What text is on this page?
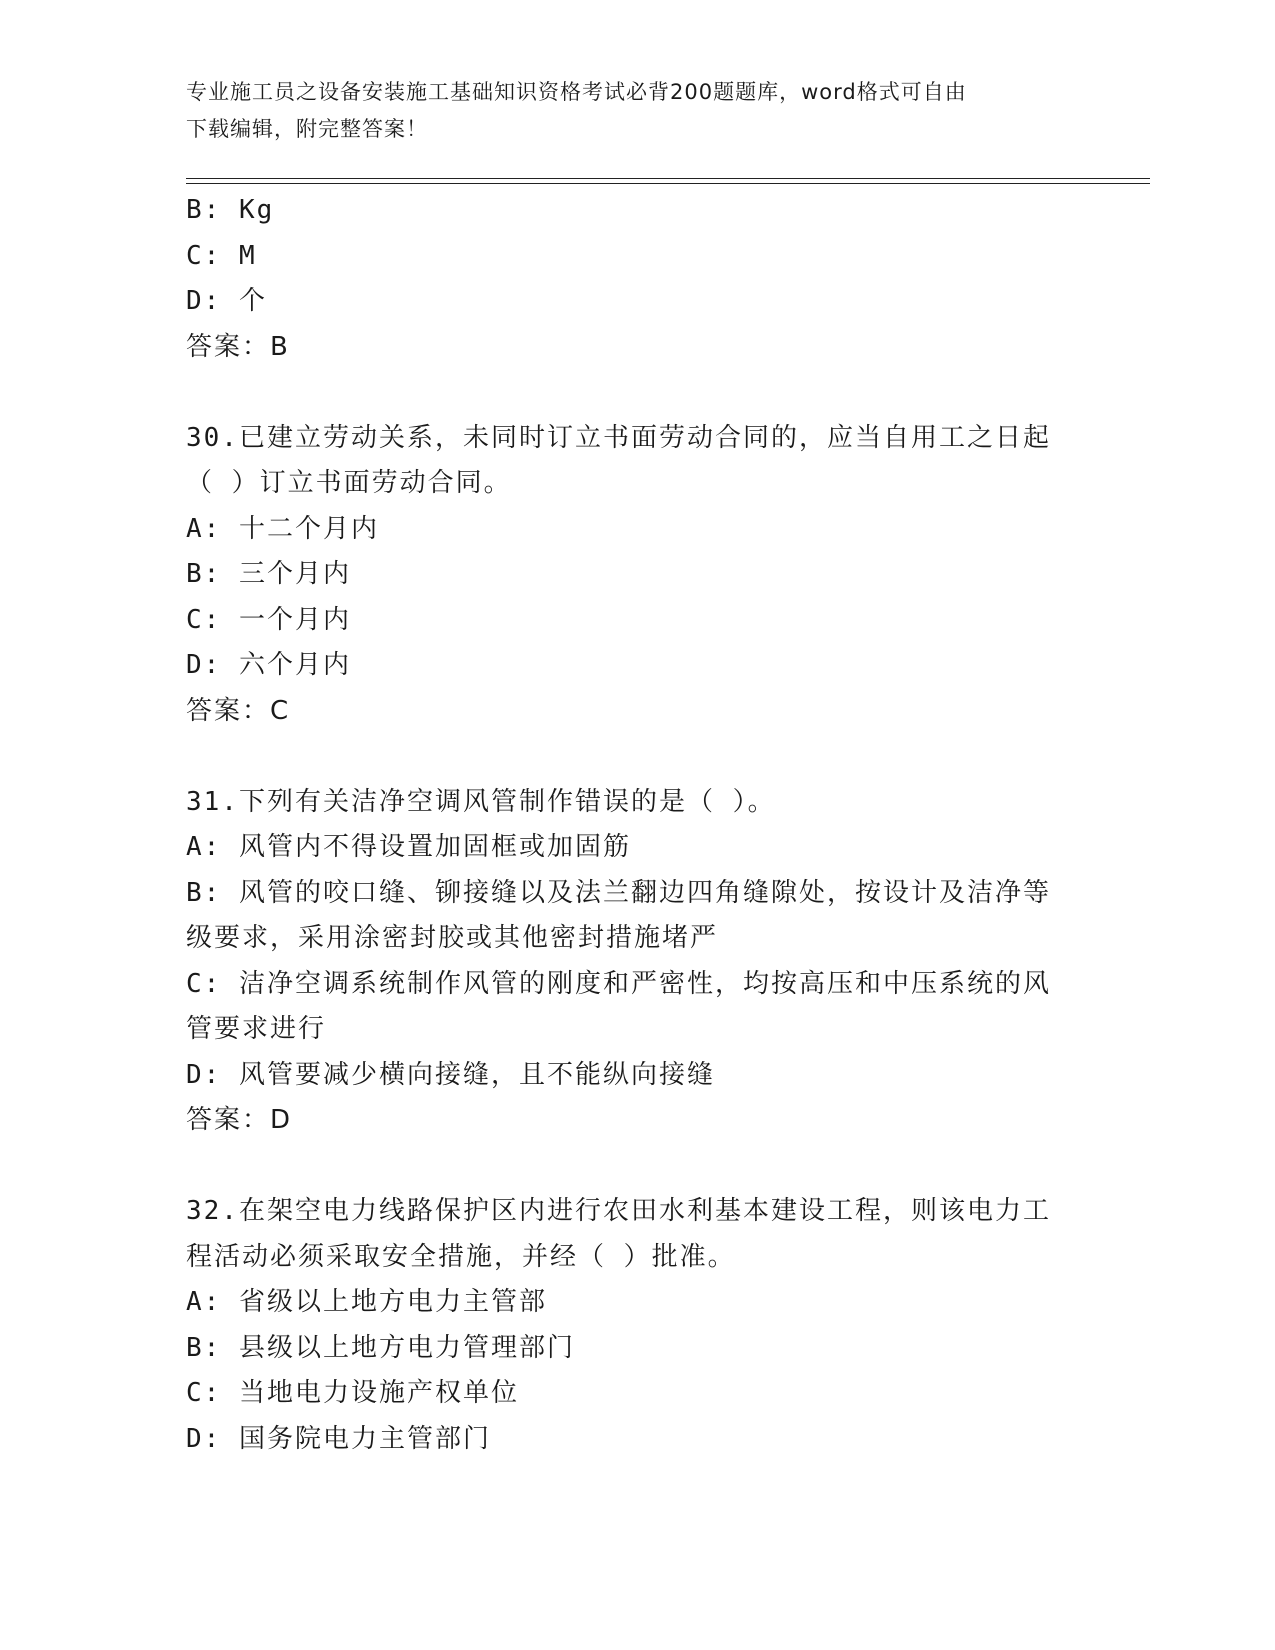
专业施工员之设备安装施工基础知识资格考试必背200题题库，word格式可自由
下载编辑，附完整答案！
B: Kg
C: M
D: 个
答案：B
30.已建立劳动关系，未同时订立书面劳动合同的，应当自用工之日起
（ ）订立书面劳动合同。
A: 十二个月内
B: 三个月内
C: 一个月内
D: 六个月内
答案：C
31.下列有关洁净空调风管制作错误的是（ ）。
A: 风管内不得设置加固框或加固筋
B: 风管的咬口缝、铆接缝以及法兰翻边四角缝隙处，按设计及洁净等
级要求，采用涂密封胶或其他密封措施堵严
C: 洁净空调系统制作风管的刚度和严密性，均按高压和中压系统的风
管要求进行
D: 风管要减少横向接缝，且不能纵向接缝
答案：D
32.在架空电力线路保护区内进行农田水利基本建设工程，则该电力工
程活动必须采取安全措施，并经（ ）批准。
A: 省级以上地方电力主管部
B: 县级以上地方电力管理部门
C: 当地电力设施产权单位
D: 国务院电力主管部门
